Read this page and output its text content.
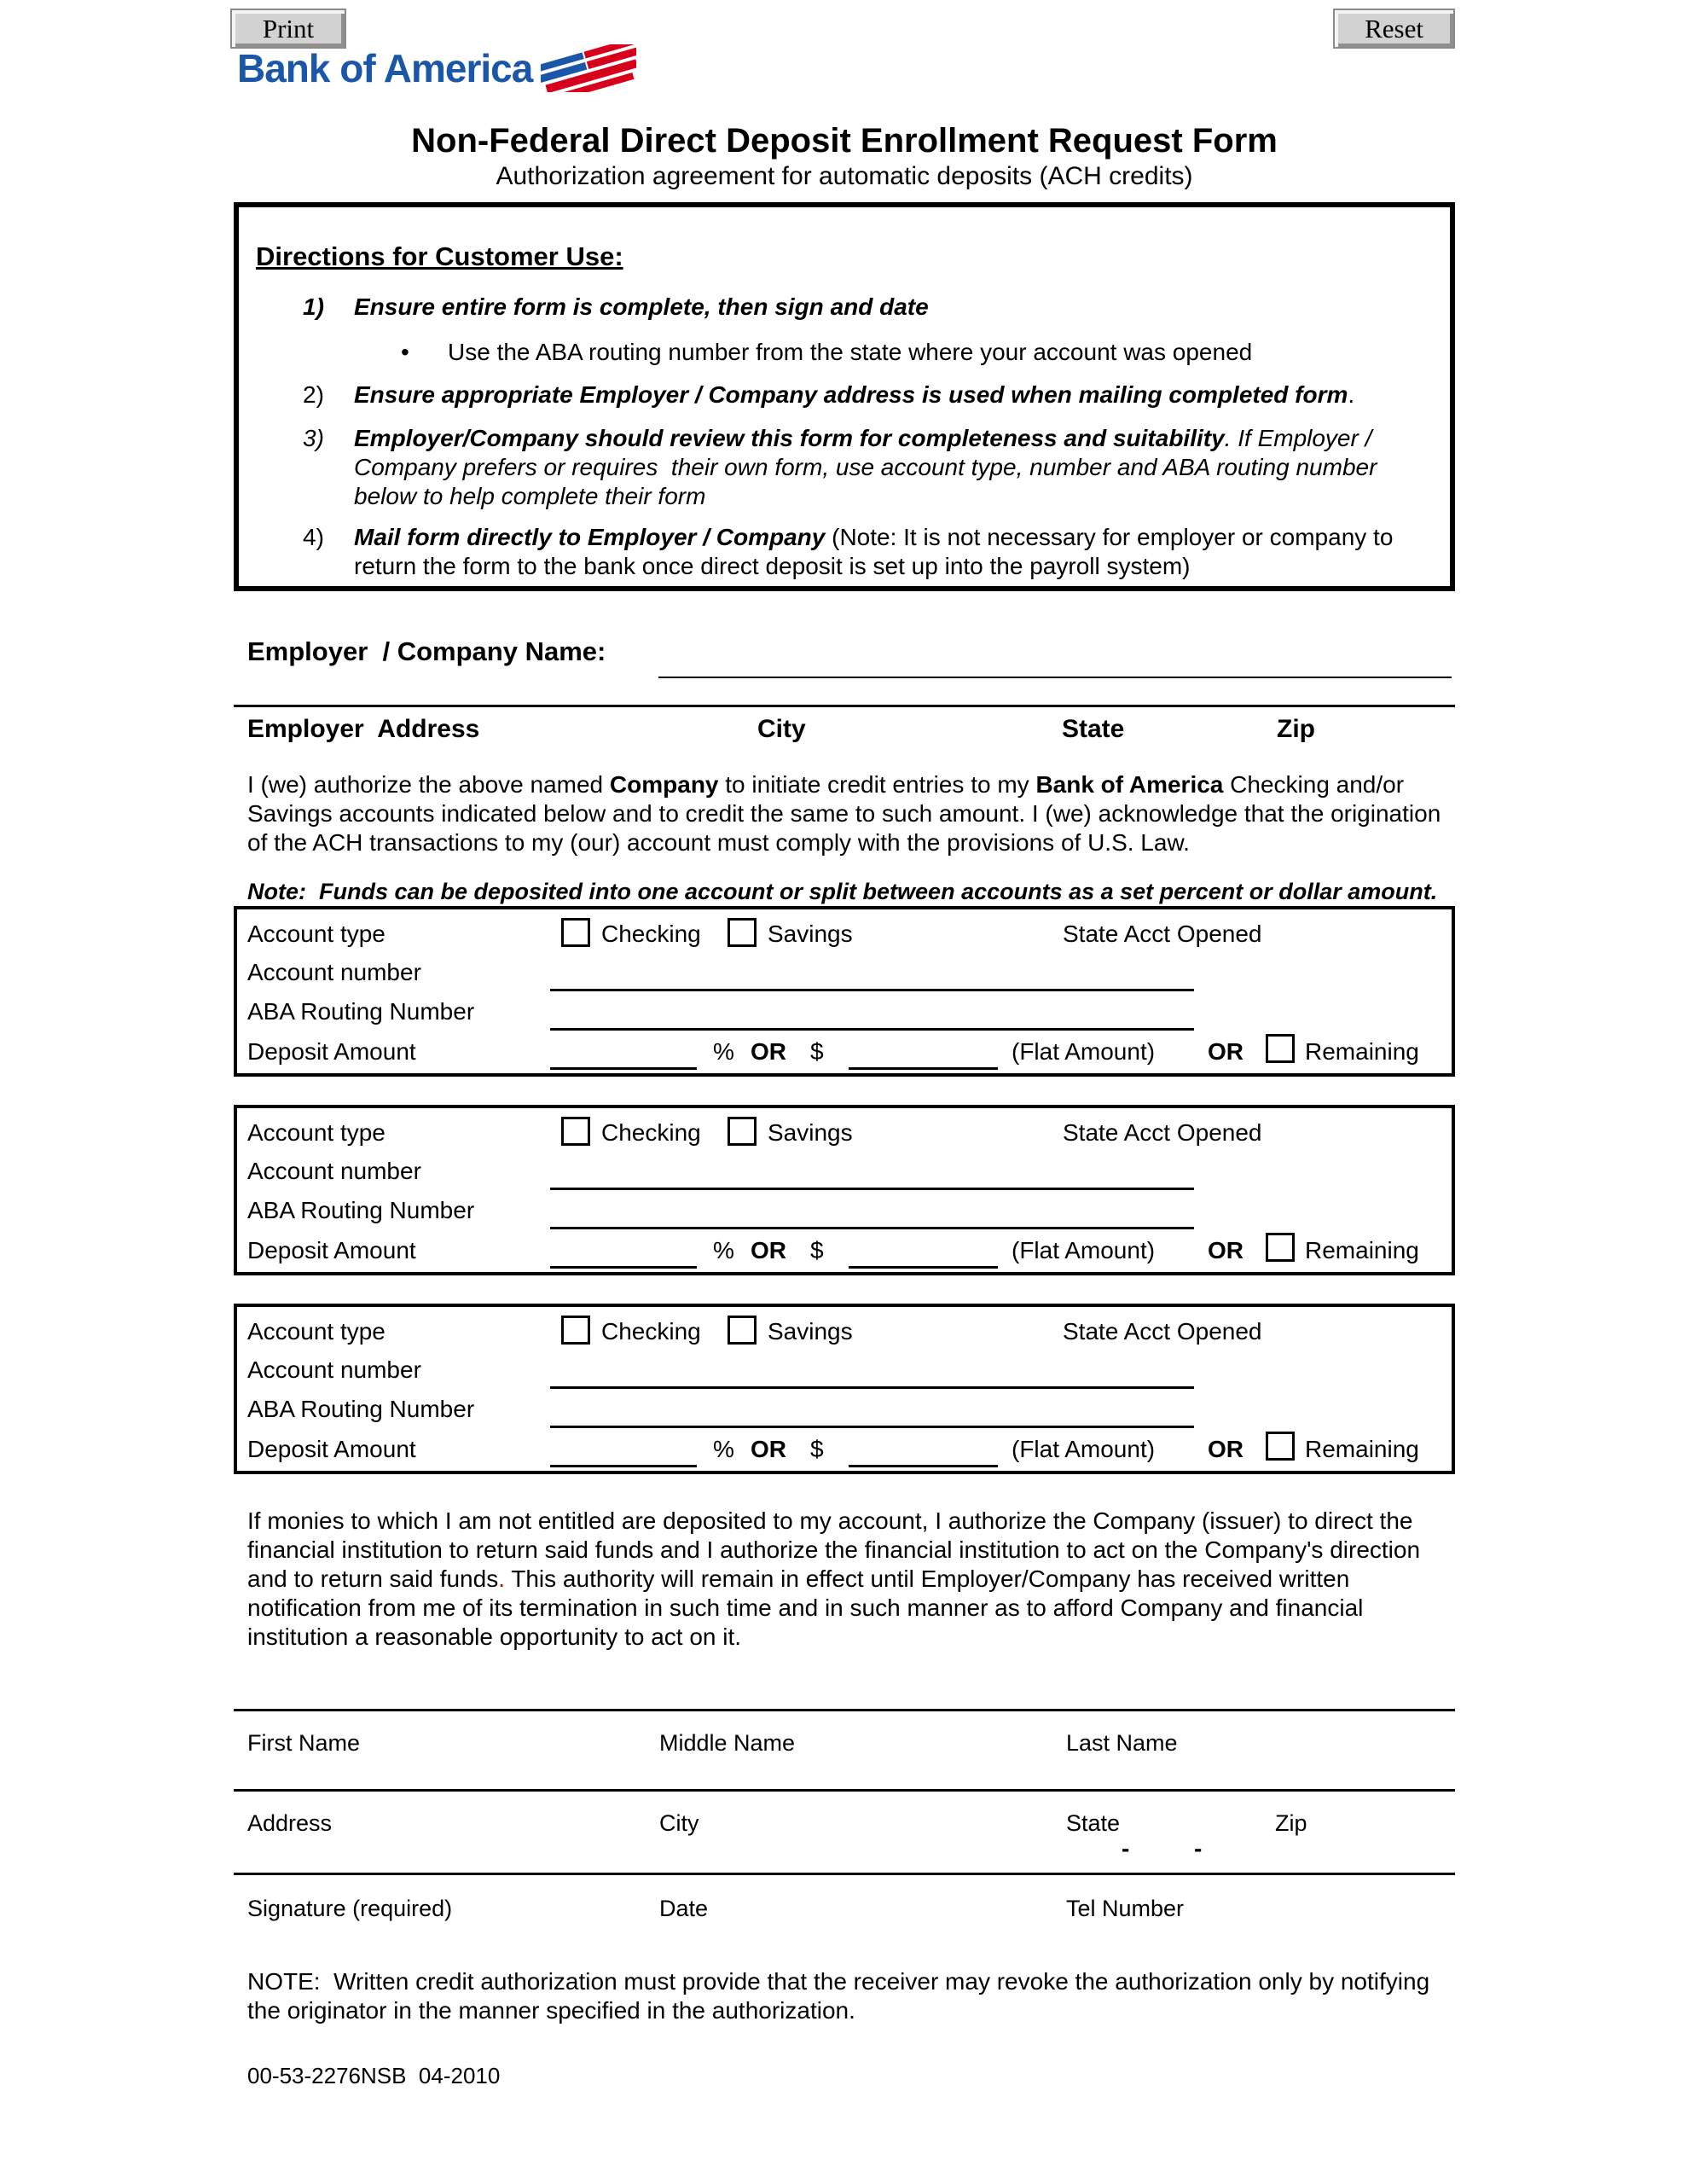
Print	Reset
Bank of America
Non-Federal Direct Deposit Enrollment Request Form
Authorization agreement for automatic deposits (ACH credits)
Directions for Customer Use:
1) Ensure entire form is complete, then sign and date
• Use the ABA routing number from the state where your account was opened
2) Ensure appropriate Employer / Company address is used when mailing completed form.
3) Employer/Company should review this form for completeness and suitability. If Employer / Company prefers or requires  their own form, use account type, number and ABA routing number below to help complete their form
4) Mail form directly to Employer / Company (Note: It is not necessary for employer or company to return the form to the bank once direct deposit is set up into the payroll system)
Employer  / Company Name:
Employer  Address	City	State	Zip
I (we) authorize the above named Company to initiate credit entries to my Bank of America Checking and/or Savings accounts indicated below and to credit the same to such amount. I (we) acknowledge that the origination of the ACH transactions to my (our) account must comply with the provisions of U.S. Law.
Note:  Funds can be deposited into one account or split between accounts as a set percent or dollar amount.
Account type	Checking	Savings	State Acct Opened
Account number
ABA Routing Number
Deposit Amount	% OR $	(Flat Amount) OR	Remaining
Account type	Checking	Savings	State Acct Opened
Account number
ABA Routing Number
Deposit Amount	% OR $	(Flat Amount) OR	Remaining
Account type	Checking	Savings	State Acct Opened
Account number
ABA Routing Number
Deposit Amount	% OR $	(Flat Amount) OR	Remaining
If monies to which I am not entitled are deposited to my account, I authorize the Company (issuer) to direct the financial institution to return said funds and I authorize the financial institution to act on the Company's direction and to return said funds. This authority will remain in effect until Employer/Company has received written notification from me of its termination in such time and in such manner as to afford Company and financial institution a reasonable opportunity to act on it.
First Name	Middle Name	Last Name
Address	City	State	Zip
-	-
Signature (required)	Date	Tel Number
NOTE:  Written credit authorization must provide that the receiver may revoke the authorization only by notifying the originator in the manner specified in the authorization.
00-53-2276NSB  04-2010
